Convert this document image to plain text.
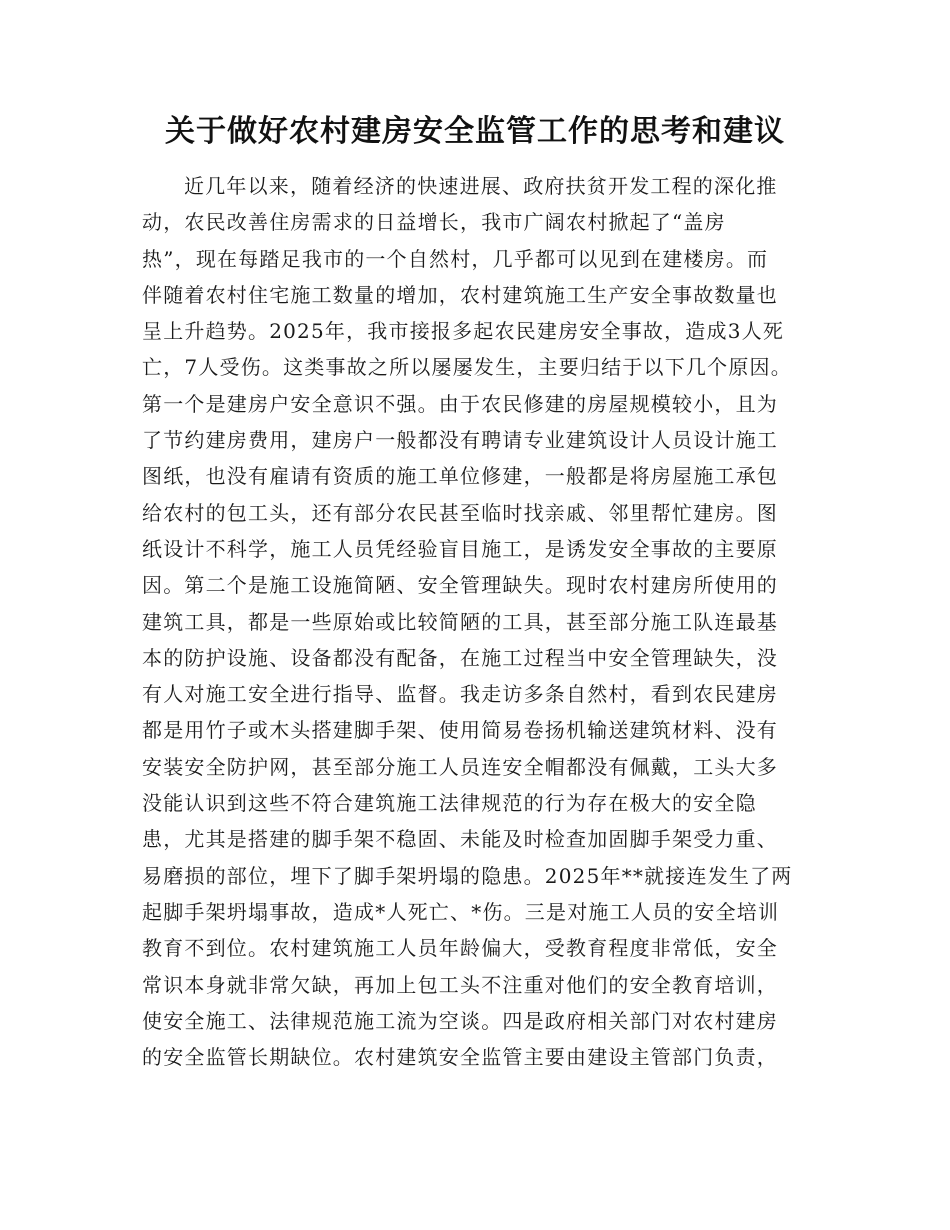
关于做好农村建房安全监管工作的思考和建议
近几年以来，随着经济的快速进展、政府扶贫开发工程的深化推
动，农民改善住房需求的日益增长，我市广阔农村掀起了“盖房
热”，现在每踏足我市的一个自然村，几乎都可以见到在建楼房。而
伴随着农村住宅施工数量的增加，农村建筑施工生产安全事故数量也
呈上升趋势。2025年，我市接报多起农民建房安全事故，造成3人死
亡，7人受伤。这类事故之所以屡屡发生，主要归结于以下几个原因。
第一个是建房户安全意识不强。由于农民修建的房屋规模较小，且为
了节约建房费用，建房户一般都没有聘请专业建筑设计人员设计施工
图纸，也没有雇请有资质的施工单位修建，一般都是将房屋施工承包
给农村的包工头，还有部分农民甚至临时找亲戚、邻里帮忙建房。图
纸设计不科学，施工人员凭经验盲目施工，是诱发安全事故的主要原
因。第二个是施工设施简陋、安全管理缺失。现时农村建房所使用的
建筑工具，都是一些原始或比较简陋的工具，甚至部分施工队连最基
本的防护设施、设备都没有配备，在施工过程当中安全管理缺失，没
有人对施工安全进行指导、监督。我走访多条自然村，看到农民建房
都是用竹子或木头搭建脚手架、使用简易卷扬机输送建筑材料、没有
安装安全防护网，甚至部分施工人员连安全帽都没有佩戴，工头大多
没能认识到这些不符合建筑施工法律规范的行为存在极大的安全隐
患，尤其是搭建的脚手架不稳固、未能及时检查加固脚手架受力重、
易磨损的部位，埋下了脚手架坍塌的隐患。2025年**就接连发生了两
起脚手架坍塌事故，造成*人死亡、*伤。三是对施工人员的安全培训
教育不到位。农村建筑施工人员年龄偏大，受教育程度非常低，安全
常识本身就非常欠缺，再加上包工头不注重对他们的安全教育培训，
使安全施工、法律规范施工流为空谈。四是政府相关部门对农村建房
的安全监管长期缺位。农村建筑安全监管主要由建设主管部门负责，
